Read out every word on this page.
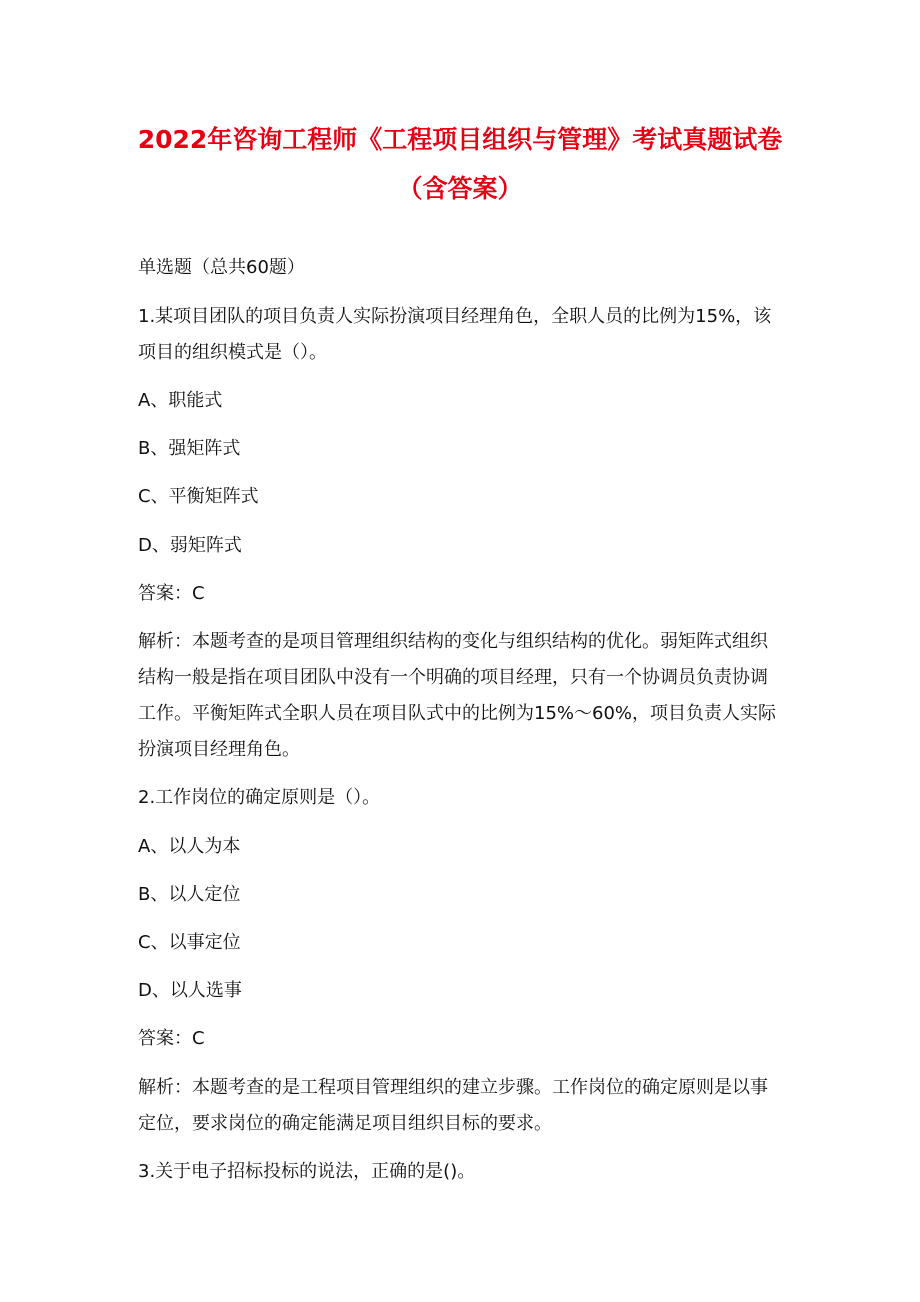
2022年咨询工程师《工程项目组织与管理》考试真题试卷
（含答案）
单选题（总共60题）
1.某项目团队的项目负责人实际扮演项目经理角色，全职人员的比例为15%，该
项目的组织模式是（）。
A、职能式
B、强矩阵式
C、平衡矩阵式
D、弱矩阵式
答案：C
解析：本题考查的是项目管理组织结构的变化与组织结构的优化。弱矩阵式组织
结构一般是指在项目团队中没有一个明确的项目经理，只有一个协调员负责协调
工作。平衡矩阵式全职人员在项目队式中的比例为15%～60%，项目负责人实际
扮演项目经理角色。
2.工作岗位的确定原则是（）。
A、以人为本
B、以人定位
C、以事定位
D、以人选事
答案：C
解析：本题考查的是工程项目管理组织的建立步骤。工作岗位的确定原则是以事
定位，要求岗位的确定能满足项目组织目标的要求。
3.关于电子招标投标的说法，正确的是()。
